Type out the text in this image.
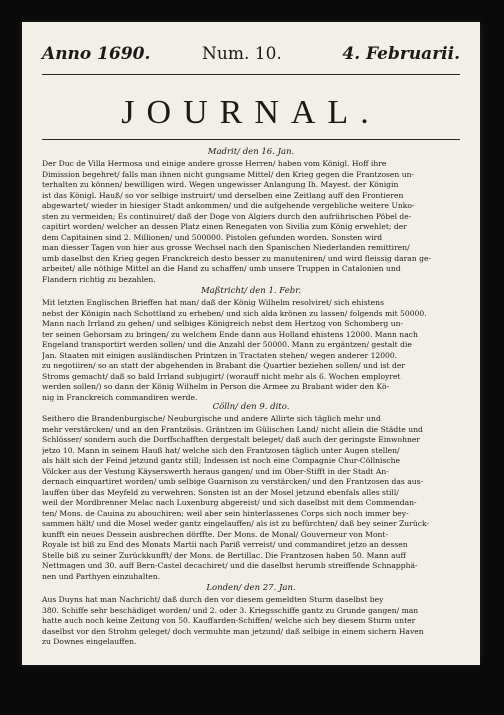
Anno 1690.	Num. 10.	4. Februarii.
JOURNAL.
Madrit/ den 16. Jan.
Der Duc de Villa Hermosa und einige andere grosse Herren/ haben vom Königl. Hoff ihre
Dimission begehret/ falls man ihnen nicht gungsame Mittel/ den Krieg gegen die Frantzosen un-
terhalten zu können/ bewilligen wird. Wegen ungewisser Anlangung Ih. Mayest. der Königin
ist das Königl. Hauß/ so vor selbige instruirt/ und derselben eine Zeitlang auff den Frontieren
abgewartet/ wieder in hiesiger Stadt ankommen/ und die aufgehende vergebliche weitere Unko-
sten zu vermeiden; Es continuiret/ daß der Doge von Algiers durch den aufrührischen Pöbel de-
capitirt worden/ welcher an dessen Platz einen Renegaten von Sivilia zum König erwehlet; der
dem Capitainen sind 2. Millionen/ und 500000. Pistolen gefunden worden. Sonsten wird
man diesser Tagen von hier aus grosse Wechsel nach den Spanischen Niederlanden remittiren/
umb daselbst den Krieg gegen Franckreich desto besser zu manuteniren/ und wird fleissig daran ge-
arbeitet/ alle nöthige Mittel an die Hand zu schaffen/ umb unsere Truppen in Catalonien und
Flandern richtig zu bezahlen.
Maßtricht/ den 1. Febr.
Mit letzten Englischen Brieffen hat man/ daß der König Wilhelm resolviret/ sich ehistens
nebst der Königin nach Schottland zu erheben/ und sich alda krönen zu lassen/ folgends mit 50000.
Mann nach Irrland zu gehen/ und selbiges Königreich nebst dem Hertzog von Schomberg un-
ter seinen Gehorsam zu bringen/ zu welchem Ende dann aus Holland ehistens 12000. Mann nach
Engeland transportirt werden sollen/ und die Anzahl der 50000. Mann zu ergäntzen/ gestalt die
Jan. Staaten mit einigen ausländischen Printzen in Tractaten stehen/ wegen anderer 12000.
zu negotiiren/ so an statt der abgehenden in Brabant die Quartier beziehen sollen/ und ist der
Stroms gemacht/ daß so bald Irrland subjugirt/ (worauff nicht mehr als 6. Wochen employret
werden sollen/) so dann der König Wilhelm in Person die Armee zu Brabant wider den Kö-
nig in Franckreich commandiren werde.
Cölln/ den 9. dito.
Seithero die Brandenburgische/ Neuburgische und andere Allirte sich täglich mehr und
mehr verstärcken/ und an den Frantzösis. Gräntzen im Gülischen Land/ nicht allein die Städte und
Schlösser/ sondern auch die Dorffschafften dergestalt beleget/ daß auch der geringste Einwohner
jetzo 10. Mann in seinem Hauß hat/ welche sich den Frantzosen täglich unter Augen stellen/
als hält sich der Feind jetzund gantz still; Indessen ist noch eine Compagnie Chur-Cöllnische
Völcker aus der Vestung Käyserswerth heraus gangen/ und im Ober-Stifft in der Stadt An-
dernach einquartiret worden/ umb selbige Guarnison zu verstärcken/ und den Frantzosen das aus-
lauffen über das Meyfeld zu verwehren. Sonsten ist an der Mosel jetzund ebenfals alles still/
weil der Mordbrenner Melac nach Luxenburg abgereist/ und sich daselbst mit dem Commendan-
ten/ Mons. de Cauina zu abouchiren; weil aber sein hinterlassenes Corps sich noch immer bey-
sammen hält/ und die Mosel weder gantz eingelauffen/ als ist zu befürchten/ daß bey seiner Zurück-
kunfft ein neues Dessein ausbrechen dörffte. Der Mons. de Monal/ Gouverneur von Mont-
Royale ist biß zu End des Monats Martii nach Pariß verreist/ und commandiret jetzo an dessen
Stelle biß zu seiner Zurückkunfft/ der Mons. de Bertillac. Die Frantzosen haben 50. Mann auff
Nettmagen und 30. auff Bern-Castel decachiret/ und die daselbst herumb streiffende Schnapphä-
nen und Parthyen einzuhalten.
Londen/ den 27. Jan.
Aus Duyns hat man Nachricht/ daß durch den vor diesem gemeldten Sturm daselbst bey
380. Schiffe sehr beschädiget worden/ und 2. oder 3. Kriegsschiffe gantz zu Grunde gangen/ man
hatte auch noch keine Zeitung von 50. Kauffarden-Schiffen/ welche sich bey diesem Sturm unter
daselbst vor den Strohm geleget/ doch vermuhte man jetzund/ daß selbige in einem sichern Haven
zu Downes eingelauffen.
